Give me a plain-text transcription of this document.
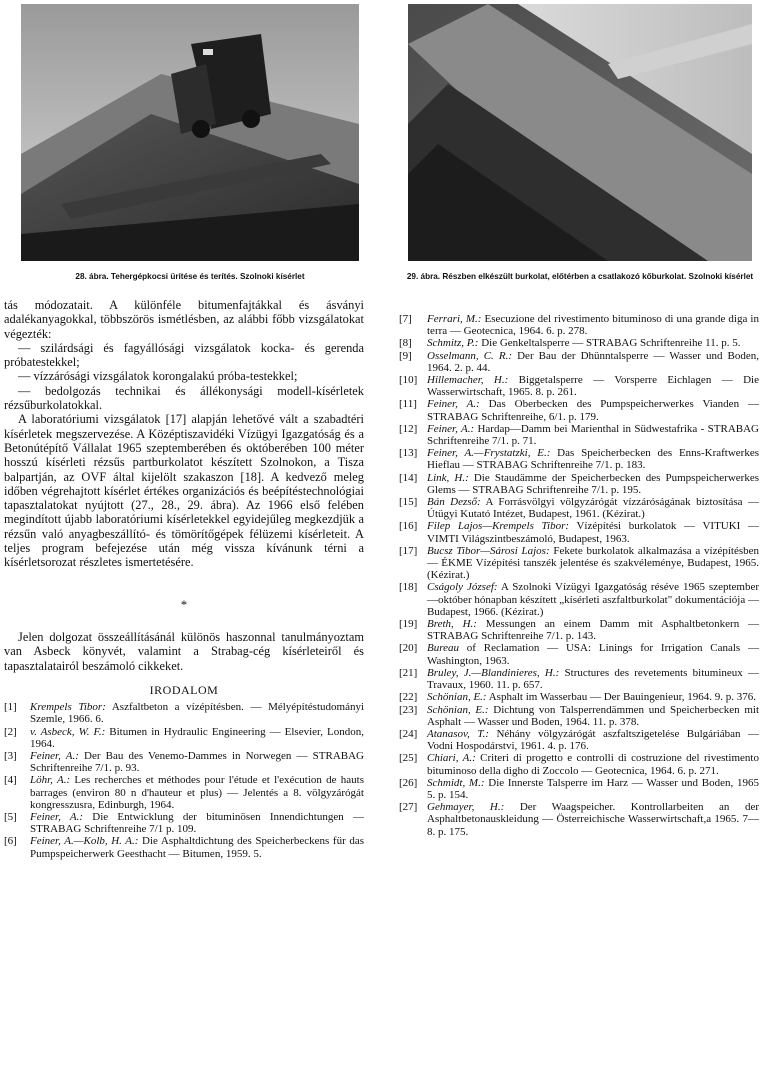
28. ábra. Tehergépkocsi ürítése és terítés. Szolnoki kísérlet	29. ábra. Részben elkészült burkolat, előtérben a csatlakozó kőburkolat. Szolnoki kísérlet

tás módozatait. A különféle bitumenfajtákkal és ásványi adalékanyagokkal, többszörös ismétlésben, az alábbi főbb vizsgálatokat végezték:

— szilárdsági és fagyállósági vizsgálatok kocka- és gerenda próbatestekkel;

— vízzárósági vizsgálatok korongalakú próba-testekkel;

— bedolgozás technikai és állékonysági modell-kísérletek rézsűburkolatokkal.

A laboratóriumi vizsgálatok [17] alapján lehetővé vált a szabadtéri kísérletek megszervezése. A Középtiszavidéki Vízügyi Igazgatóság és a Betonútépítő Vállalat 1965 szeptemberében és októberében 100 méter hosszú kísérleti rézsűs partburkolatot készített Szolnokon, a Tisza balpartján, az OVF által kijelölt szakaszon [18]. A kedvező meleg időben végrehajtott kísérlet értékes organizációs és beépítéstechnológiai tapasztalatokat nyújtott (27., 28., 29. ábra). Az 1966 első felében megindított újabb laboratóriumi kísérletekkel egyidejűleg megkezdjük a rézsűn való anyagbeszállító- és tömörítőgépek félüzemi kísérleteit. A teljes program befejezése után még vissza kívánunk térni a kísérletsorozat részletes ismertetésére.

*

Jelen dolgozat összeállításánál különös haszonnal tanulmányoztam van Asbeck könyvét, valamint a Strabag-cég kísérleteiről és tapasztalatairól beszámoló cikkeket.

IRODALOM
[1] Krempels Tibor: Aszfaltbeton a vízépítésben. — Mélyépítéstudományi Szemle, 1966. 6.
[2] v. Asbeck, W. F.: Bitumen in Hydraulic Engineering — Elsevier, London, 1964.
[3] Feiner, A.: Der Bau des Venemo-Dammes in Norwegen — STRABAG Schriftenreihe 7/1. p. 93.
[4] Löhr, A.: Les recherches et méthodes pour l'étude et l'exécution de hauts barrages (environ 80 n d'hauteur et plus) — Jelentés a 8. völgyzárógát kongresszusra, Edinburgh, 1964.
[5] Feiner, A.: Die Entwicklung der bituminösen Innendichtungen — STRABAG Schriftenreihe 7/1 p. 109.
[6] Feiner, A.—Kolb, H. A.: Die Asphaltdichtung des Speicherbeckens für das Pumpspeicherwerk Geesthacht — Bitumen, 1959. 5.
[7] Ferrari, M.: Esecuzione del rivestimento bituminoso di una grande diga in terra — Geotecnica, 1964. 6. p. 278.
[8] Schmitz, P.: Die Genkeltalsperre — STRABAG Schriftenreihe 11. p. 5.
[9] Osselmann, C. R.: Der Bau der Dhünntalsperre — Wasser und Boden, 1964. 2. p. 44.
[10] Hillemacher, H.: Biggetalsperre — Vorsperre Eichlagen — Die Wasserwirtschaft, 1965. 8. p. 261.
[11] Feiner, A.: Das Oberbecken des Pumpspeicherwerkes Vianden — STRABAG Schriftenreihe, 6/1. p. 179.
[12] Feiner, A.: Hardap—Damm bei Marienthal in Südwestafrika - STRABAG Schriftenreihe 7/1. p. 71.
[13] Feiner, A.—Frystatzki, E.: Das Speicherbecken des Enns-Kraftwerkes Hieflau — STRABAG Schriftenreihe 7/1. p. 183.
[14] Link, H.: Die Staudämme der Speicherbecken des Pumpspeicherwerkes Glems — STRABAG Schriftenreihe 7/1. p. 195.
[15] Bán Dezső: A Forrásvölgyi völgyzárógát vízzáróságának biztosítása — Útügyi Kutató Intézet, Budapest, 1961. (Kézirat.)
[16] Filep Lajos—Krempels Tibor: Vízépítési burkolatok — VITUKI — VIMTI Világszintbeszámoló, Budapest, 1963.
[17] Bucsz Tibor—Sárosi Lajos: Fekete burkolatok alkalmazása a vízépítésben — ÉKME Vízépítési tanszék jelentése és szakvéleménye, Budapest, 1965. (Kézirat.)
[18] Cságoly József: A Szolnoki Vízügyi Igazgatóság réséve 1965 szeptember—október hónapban készített „kísérleti aszfaltburkolat" dokumentációja — Budapest, 1966. (Kézirat.)
[19] Breth, H.: Messungen an einem Damm mit Asphaltbetonkern — STRABAG Schriftenreihe 7/1. p. 143.
[20] Bureau of Reclamation — USA: Linings for Irrigation Canals — Washington, 1963.
[21] Bruley, J.—Blandinieres, H.: Structures des revetements bitumineux — Travaux, 1960. 11. p. 657.
[22] Schönian, E.: Asphalt im Wasserbau — Der Bauingenieur, 1964. 9. p. 376.
[23] Schönian, E.: Dichtung von Talsperrendämmen und Speicherbecken mit Asphalt — Wasser und Boden, 1964. 11. p. 378.
[24] Atanasov, T.: Néhány völgyzárógát aszfaltszigetelése Bulgáriában — Vodni Hospodárstvi, 1961. 4. p. 176.
[25] Chiari, A.: Criteri di progetto e controlli di costruzione del rivestimento bituminoso della digho di Zoccolo — Geotecnica, 1964. 6. p. 271.
[26] Schmidt, M.: Die Innerste Talsperre im Harz — Wasser und Boden, 1965 5. p. 154.
[27] Gehmayer, H.: Der Waagspeicher. Kontrollarbeiten an der Asphaltbetonauskleidung — Österreichische Wasserwirtschaft,a 1965. 7—8. p. 175.
